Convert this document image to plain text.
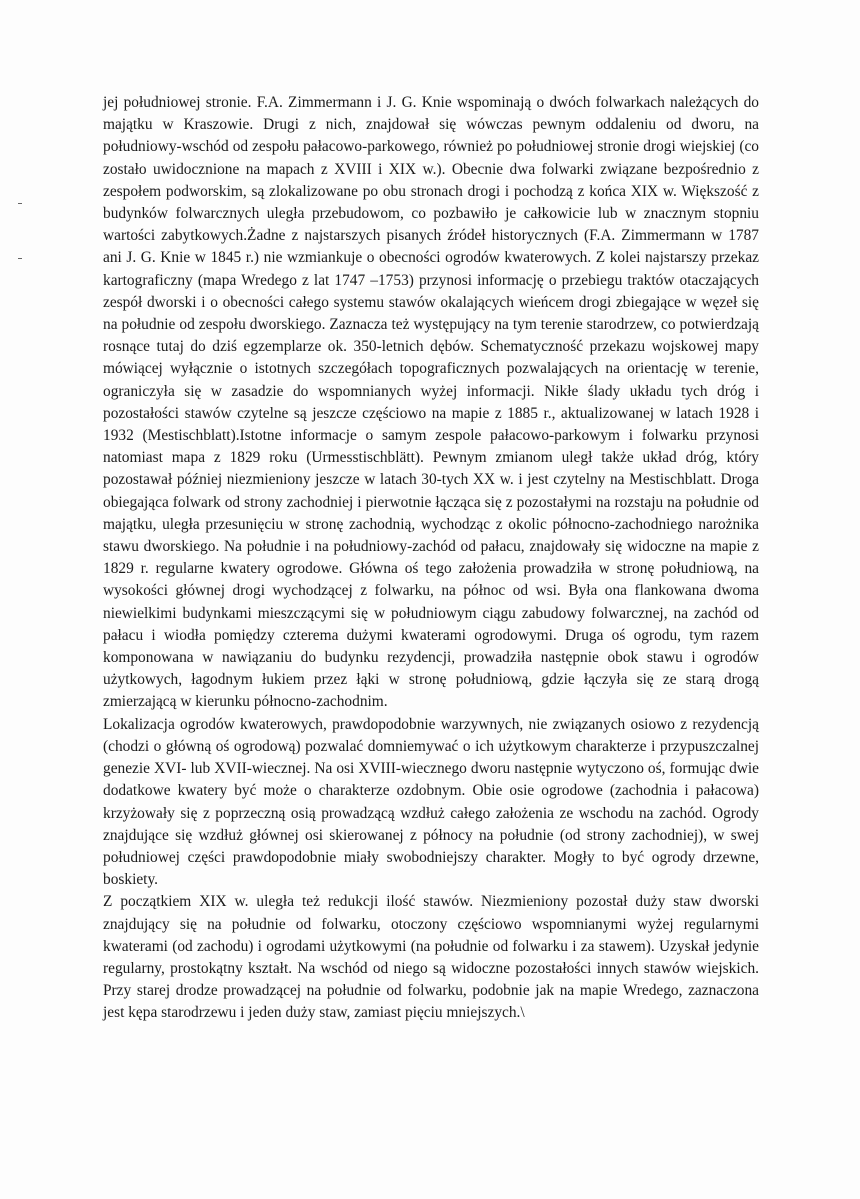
jej południowej stronie. F.A. Zimmermann i J. G. Knie wspominają o dwóch folwarkach należących do majątku w Kraszowie. Drugi z nich, znajdował się wówczas pewnym oddaleniu od dworu, na południowy-wschód od zespołu pałacowo-parkowego, również po południowej stronie drogi wiejskiej (co zostało uwidocznione na mapach z XVIII i XIX w.). Obecnie dwa folwarki związane bezpośrednio z zespołem podworskim, są zlokalizowane po obu stronach drogi i pochodzą z końca XIX w. Większość z budynków folwarcznych uległa przebudowom, co pozbawiło je całkowicie lub w znacznym stopniu wartości zabytkowych.Żadne z najstarszych pisanych źródeł historycznych (F.A. Zimmermann w 1787 ani J. G. Knie w 1845 r.) nie wzmiankuje o obecności ogrodów kwaterowych. Z kolei najstarszy przekaz kartograficzny (mapa Wredego z lat 1747 –1753) przynosi informację o przebiegu traktów otaczających zespół dworski i o obecności całego systemu stawów okalających wieńcem drogi zbiegające w węzeł się na południe od zespołu dworskiego. Zaznacza też występujący na tym terenie starodrzew, co potwierdzają rosnące tutaj do dziś egzemplarze ok. 350-letnich dębów. Schematyczność przekazu wojskowej mapy mówiącej wyłącznie o istotnych szczegółach topograficznych pozwalających na orientację w terenie, ograniczyła się w zasadzie do wspomnianych wyżej informacji. Nikłe ślady układu tych dróg i pozostałości stawów czytelne są jeszcze częściowo na mapie z 1885 r., aktualizowanej w latach 1928 i 1932 (Mestischblatt).Istotne informacje o samym zespole pałacowo-parkowym i folwarku przynosi natomiast mapa z 1829 roku (Urmesstischblätt). Pewnym zmianom uległ także układ dróg, który pozostawał później niezmieniony jeszcze w latach 30-tych XX w. i jest czytelny na Mestischblatt. Droga obiegająca folwark od strony zachodniej i pierwotnie łącząca się z pozostałymi na rozstaju na południe od majątku, uległa przesunięciu w stronę zachodnią, wychodząc z okolic północno-zachodniego narożnika stawu dworskiego. Na południe i na południowy-zachód od pałacu, znajdowały się widoczne na mapie z 1829 r. regularne kwatery ogrodowe. Główna oś tego założenia prowadziła w stronę południową, na wysokości głównej drogi wychodzącej z folwarku, na północ od wsi. Była ona flankowana dwoma niewielkimi budynkami mieszczącymi się w południowym ciągu zabudowy folwarcznej, na zachód od pałacu i wiodła pomiędzy czterema dużymi kwaterami ogrodowymi. Druga oś ogrodu, tym razem komponowana w nawiązaniu do budynku rezydencji, prowadziła następnie obok stawu i ogrodów użytkowych, łagodnym łukiem przez łąki w stronę południową, gdzie łączyła się ze starą drogą zmierzającą w kierunku północno-zachodnim.

Lokalizacja ogrodów kwaterowych, prawdopodobnie warzywnych, nie związanych osiowo z rezydencją (chodzi o główną oś ogrodową) pozwalać domniemywać o ich użytkowym charakterze i przypuszczalnej genezie XVI- lub XVII-wiecznej. Na osi XVIII-wiecznego dworu następnie wytyczono oś, formując dwie dodatkowe kwatery być może o charakterze ozdobnym. Obie osie ogrodowe (zachodnia i pałacowa) krzyżowały się z poprzeczną osią prowadzącą wzdłuż całego założenia ze wschodu na zachód. Ogrody znajdujące się wzdłuż głównej osi skierowanej z północy na południe (od strony zachodniej), w swej południowej części prawdopodobnie miały swobodniejszy charakter. Mogły to być ogrody drzewne, boskiety.

Z początkiem XIX w. uległa też redukcji ilość stawów. Niezmieniony pozostał duży staw dworski znajdujący się na południe od folwarku, otoczony częściowo wspomnianymi wyżej regularnymi kwaterami (od zachodu) i ogrodami użytkowymi (na południe od folwarku i za stawem). Uzyskał jedynie regularny, prostokątny kształt. Na wschód od niego są widoczne pozostałości innych stawów wiejskich. Przy starej drodze prowadzącej na południe od folwarku, podobnie jak na mapie Wredego, zaznaczona jest kępa starodrzewu i jeden duży staw, zamiast pięciu mniejszych.\
